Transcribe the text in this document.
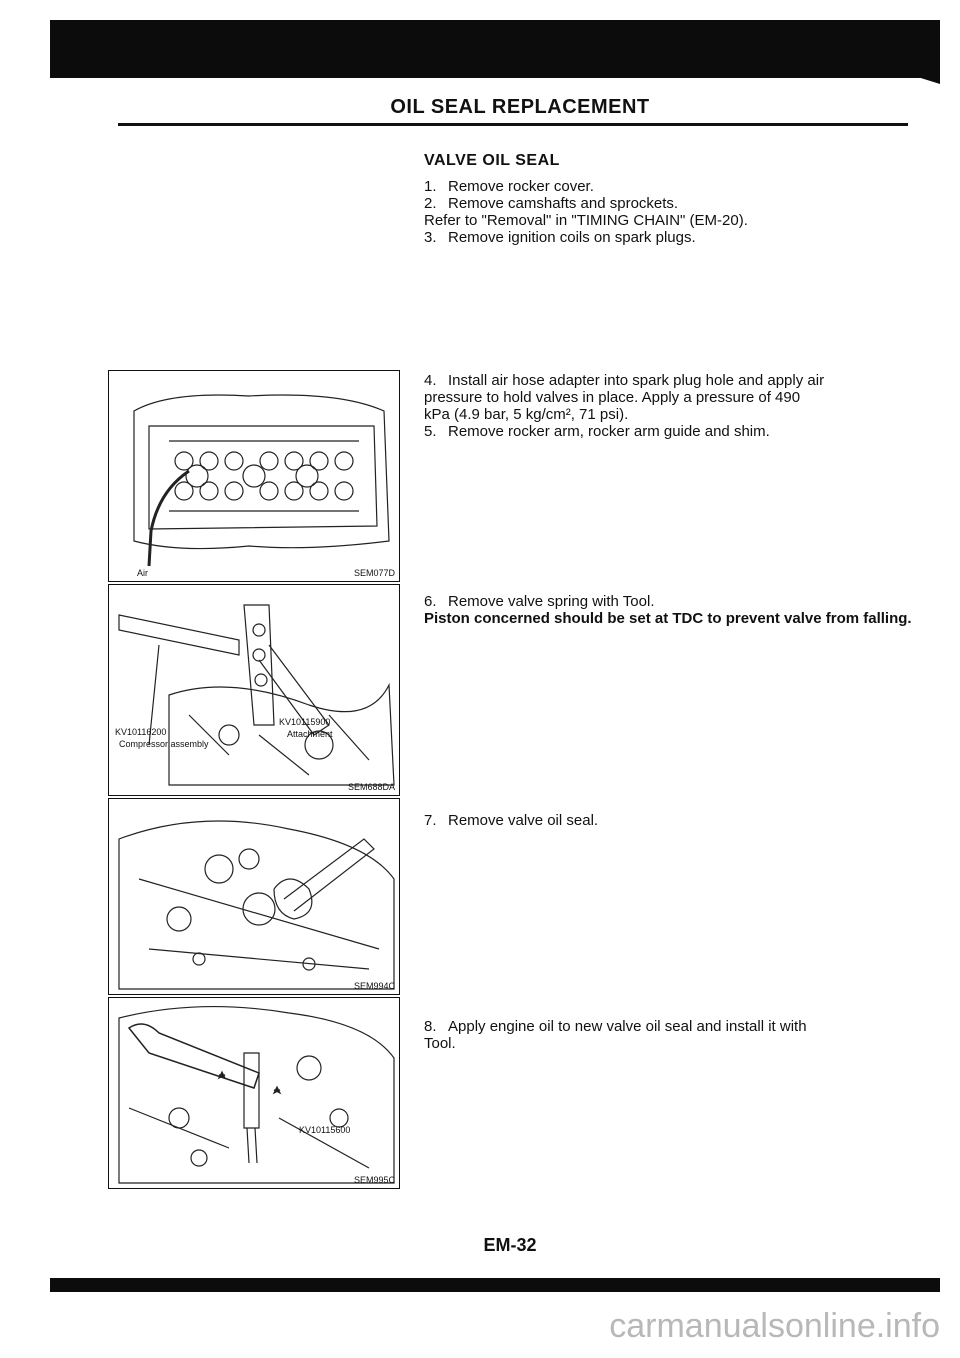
OIL SEAL REPLACEMENT
VALVE OIL SEAL
1. Remove rocker cover.
2. Remove camshafts and sprockets.
Refer to "Removal" in "TIMING CHAIN" (EM-20).
3. Remove ignition coils on spark plugs.
4. Install air hose adapter into spark plug hole and apply air
pressure to hold valves in place. Apply a pressure of 490
kPa (4.9 bar, 5 kg/cm², 71 psi).
5. Remove rocker arm, rocker arm guide and shim.
6. Remove valve spring with Tool.
Piston concerned should be set at TDC to prevent valve from falling.
7. Remove valve oil seal.
8. Apply engine oil to new valve oil seal and install it with
Tool.
Air	SEM077D
KV10116200
Compressor assembly
KV10115900
Attachment
SEM688DA
SEM994C
KV10115600
SEM995C
EM-32
carmanualsonline.info
